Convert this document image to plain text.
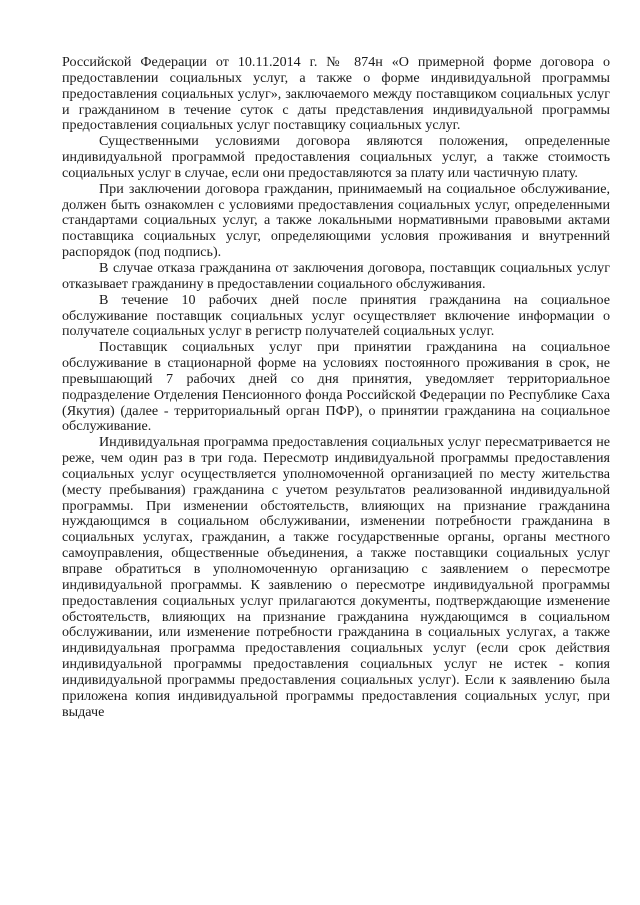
Российской Федерации от 10.11.2014 г. № 874н «О примерной форме договора о предоставлении социальных услуг, а также о форме индивидуальной программы предоставления социальных услуг», заключаемого между поставщиком социальных услуг и гражданином в течение суток с даты представления индивидуальной программы предоставления социальных услуг поставщику социальных услуг.

Существенными условиями договора являются положения, определенные индивидуальной программой предоставления социальных услуг, а также стоимость социальных услуг в случае, если они предоставляются за плату или частичную плату.

При заключении договора гражданин, принимаемый на социальное обслуживание, должен быть ознакомлен с условиями предоставления социальных услуг, определенными стандартами социальных услуг, а также локальными нормативными правовыми актами поставщика социальных услуг, определяющими условия проживания и внутренний распорядок (под подпись).

В случае отказа гражданина от заключения договора, поставщик социальных услуг отказывает гражданину в предоставлении социального обслуживания.

В течение 10 рабочих дней после принятия гражданина на социальное обслуживание поставщик социальных услуг осуществляет включение информации о получателе социальных услуг в регистр получателей социальных услуг.

Поставщик социальных услуг при принятии гражданина на социальное обслуживание в стационарной форме на условиях постоянного проживания в срок, не превышающий 7 рабочих дней со дня принятия, уведомляет территориальное подразделение Отделения Пенсионного фонда Российской Федерации по Республике Саха (Якутия) (далее - территориальный орган ПФР), о принятии гражданина на социальное обслуживание.

Индивидуальная программа предоставления социальных услуг пересматривается не реже, чем один раз в три года. Пересмотр индивидуальной программы предоставления социальных услуг осуществляется уполномоченной организацией по месту жительства (месту пребывания) гражданина с учетом результатов реализованной индивидуальной программы. При изменении обстоятельств, влияющих на признание гражданина нуждающимся в социальном обслуживании, изменении потребности гражданина в социальных услугах, гражданин, а также государственные органы, органы местного самоуправления, общественные объединения, а также поставщики социальных услуг вправе обратиться в уполномоченную организацию с заявлением о пересмотре индивидуальной программы. К заявлению о пересмотре индивидуальной программы предоставления социальных услуг прилагаются документы, подтверждающие изменение обстоятельств, влияющих на признание гражданина нуждающимся в социальном обслуживании, или изменение потребности гражданина в социальных услугах, а также индивидуальная программа предоставления социальных услуг (если срок действия индивидуальной программы предоставления социальных услуг не истек - копия индивидуальной программы предоставления социальных услуг). Если к заявлению была приложена копия индивидуальной программы предоставления социальных услуг, при выдаче
